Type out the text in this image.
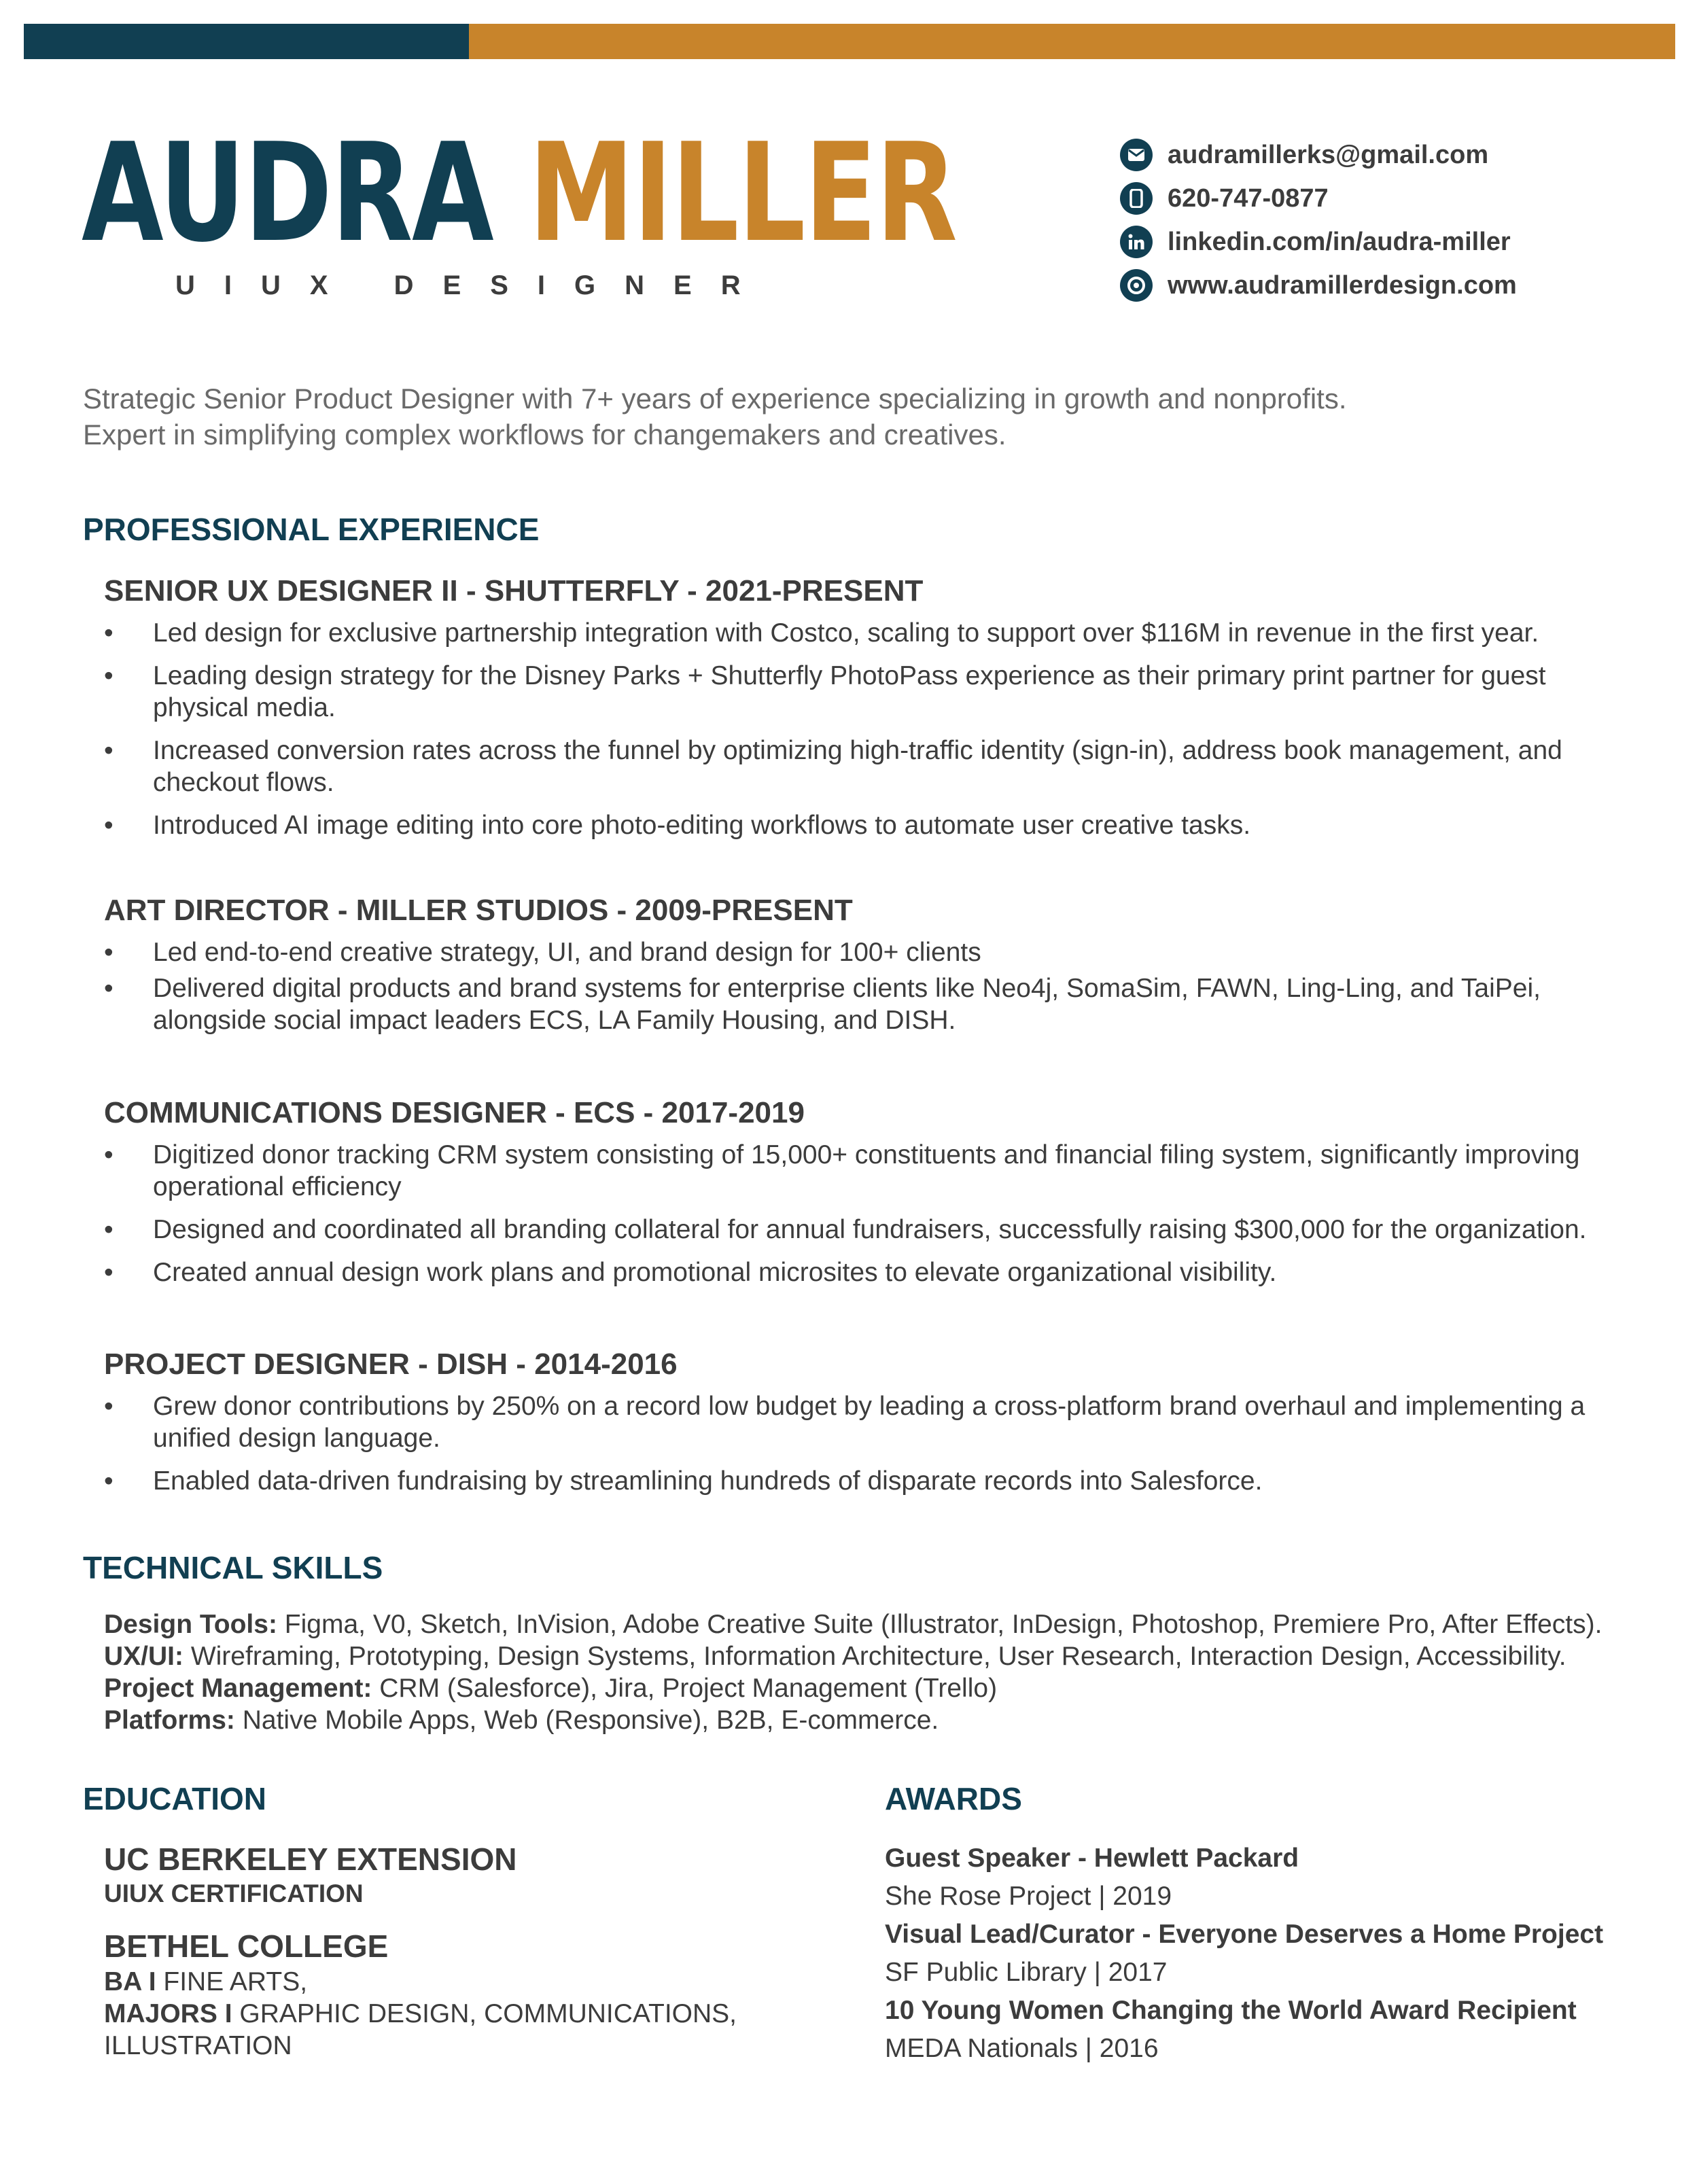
AUDRA MILLER
UIUX DESIGNER
audramillerks@gmail.com
620-747-0877
linkedin.com/in/audra-miller
www.audramillerdesign.com
Strategic Senior Product Designer with 7+ years of experience specializing in growth and nonprofits.
Expert in simplifying complex workflows for changemakers and creatives.
PROFESSIONAL EXPERIENCE
SENIOR UX DESIGNER II - SHUTTERFLY - 2021-PRESENT
• Led design for exclusive partnership integration with Costco, scaling to support over $116M in revenue in the first year.
• Leading design strategy for the Disney Parks + Shutterfly PhotoPass experience as their primary print partner for guest physical media.
• Increased conversion rates across the funnel by optimizing high-traffic identity (sign-in), address book management, and checkout flows.
• Introduced AI image editing into core photo-editing workflows to automate user creative tasks.
ART DIRECTOR - MILLER STUDIOS - 2009-PRESENT
• Led end-to-end creative strategy, UI, and brand design for 100+ clients
• Delivered digital products and brand systems for enterprise clients like Neo4j, SomaSim, FAWN, Ling-Ling, and TaiPei, alongside social impact leaders ECS, LA Family Housing, and DISH.
COMMUNICATIONS DESIGNER - ECS - 2017-2019
• Digitized donor tracking CRM system consisting of 15,000+ constituents and financial filing system, significantly improving operational efficiency
• Designed and coordinated all branding collateral for annual fundraisers, successfully raising $300,000 for the organization.
• Created annual design work plans and promotional microsites to elevate organizational visibility.
PROJECT DESIGNER - DISH - 2014-2016
• Grew donor contributions by 250% on a record low budget by leading a cross-platform brand overhaul and implementing a unified design language.
• Enabled data-driven fundraising by streamlining hundreds of disparate records into Salesforce.
TECHNICAL SKILLS
Design Tools: Figma, V0, Sketch, InVision, Adobe Creative Suite (Illustrator, InDesign, Photoshop, Premiere Pro, After Effects).
UX/UI: Wireframing, Prototyping, Design Systems, Information Architecture, User Research, Interaction Design, Accessibility.
Project Management: CRM (Salesforce), Jira, Project Management (Trello)
Platforms: Native Mobile Apps, Web (Responsive), B2B, E-commerce.
EDUCATION
UC BERKELEY EXTENSION
UIUX CERTIFICATION
BETHEL COLLEGE
BA I FINE ARTS,
MAJORS I GRAPHIC DESIGN, COMMUNICATIONS,
ILLUSTRATION
AWARDS
Guest Speaker - Hewlett Packard
She Rose Project | 2019
Visual Lead/Curator - Everyone Deserves a Home Project
SF Public Library | 2017
10 Young Women Changing the World Award Recipient
MEDA Nationals | 2016
